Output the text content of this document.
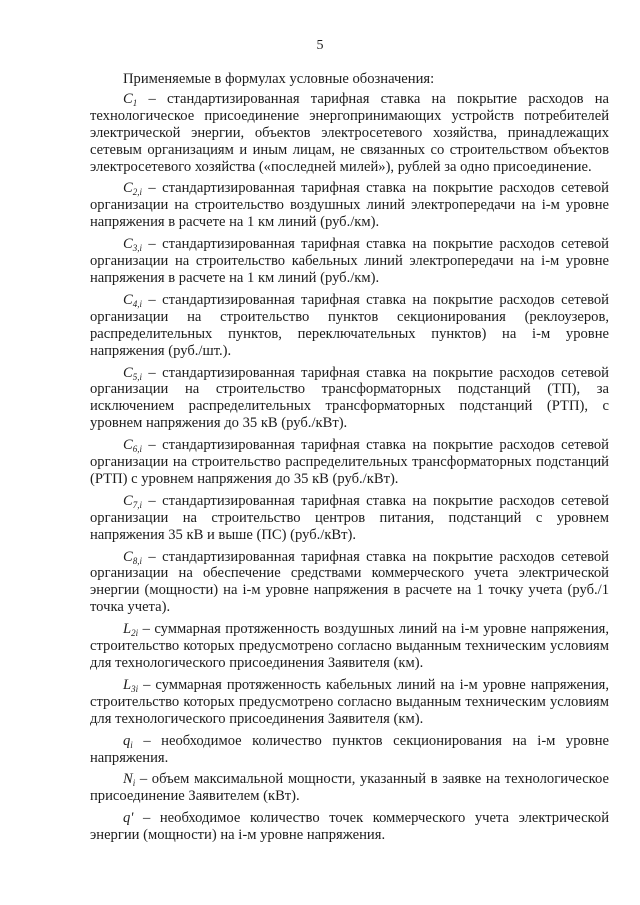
5

Применяемые в формулах условные обозначения:

$C_1$ – стандартизированная тарифная ставка на покрытие расходов на технологическое присоединение энергопринимающих устройств потребителей электрической энергии, объектов электросетевого хозяйства, принадлежащих сетевым организациям и иным лицам, не связанных со строительством объектов электросетевого хозяйства («последней милей»), рублей за одно присоединение.

$C_{2,i}$ – стандартизированная тарифная ставка на покрытие расходов сетевой организации на строительство воздушных линий электропередачи на i-м уровне напряжения в расчете на 1 км линий (руб./км).

$C_{3,i}$ – стандартизированная тарифная ставка на покрытие расходов сетевой организации на строительство кабельных линий электропередачи на i-м уровне напряжения в расчете на 1 км линий (руб./км).

$C_{4,i}$ – стандартизированная тарифная ставка на покрытие расходов сетевой организации на строительство пунктов секционирования (реклоузеров, распределительных пунктов, переключательных пунктов) на i-м уровне напряжения (руб./шт.).

$C_{5,i}$ – стандартизированная тарифная ставка на покрытие расходов сетевой организации на строительство трансформаторных подстанций (ТП), за исключением распределительных трансформаторных подстанций (РТП), с уровнем напряжения до 35 кВ (руб./кВт).

$C_{6,i}$ – стандартизированная тарифная ставка на покрытие расходов сетевой организации на строительство распределительных трансформаторных подстанций (РТП) с уровнем напряжения до 35 кВ (руб./кВт).

$C_{7,i}$ – стандартизированная тарифная ставка на покрытие расходов сетевой организации на строительство центров питания, подстанций с уровнем напряжения 35 кВ и выше (ПС) (руб./кВт).

$C_{8,i}$ – стандартизированная тарифная ставка на покрытие расходов сетевой организации на обеспечение средствами коммерческого учета электрической энергии (мощности) на i-м уровне напряжения в расчете на 1 точку учета (руб./1 точка учета).

$L_{2i}$ – суммарная протяженность воздушных линий на i-м уровне напряжения, строительство которых предусмотрено согласно выданным техническим условиям для технологического присоединения Заявителя (км).

$L_{3i}$ – суммарная протяженность кабельных линий на i-м уровне напряжения, строительство которых предусмотрено согласно выданным техническим условиям для технологического присоединения Заявителя (км).

$q_i$ – необходимое количество пунктов секционирования на i-м уровне напряжения.

$N_i$ – объем максимальной мощности, указанный в заявке на технологическое присоединение Заявителем (кВт).

q' – необходимое количество точек коммерческого учета электрической энергии (мощности) на i-м уровне напряжения.
